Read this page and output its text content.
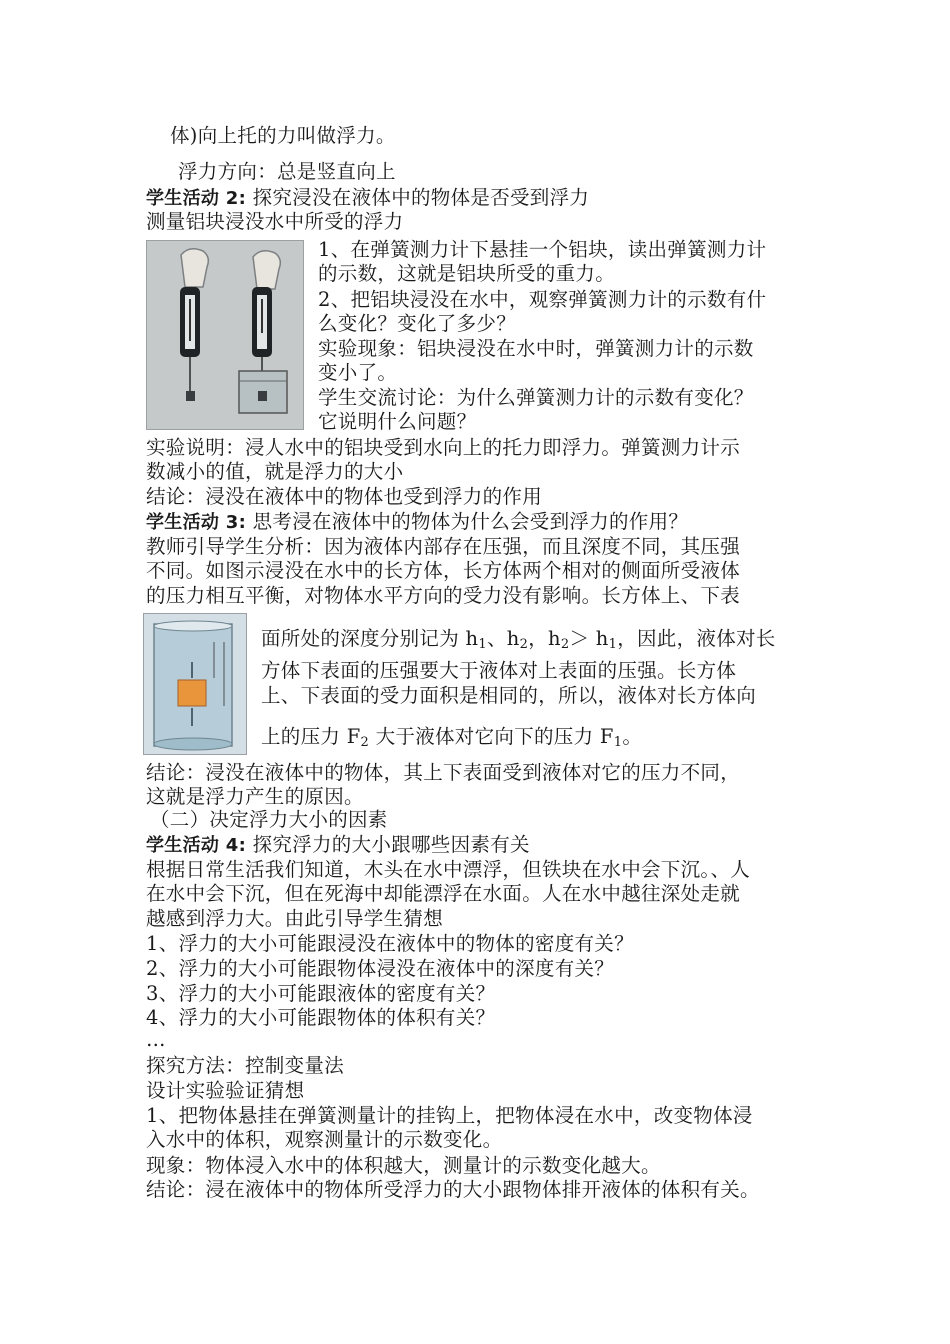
体)向上托的力叫做浮力。
浮力方向：总是竖直向上
学生活动 2: 探究浸没在液体中的物体是否受到浮力
测量铝块浸没水中所受的浮力
1、在弹簧测力计下悬挂一个铝块，读出弹簧测力计
的示数，这就是铝块所受的重力。
2、把铝块浸没在水中，观察弹簧测力计的示数有什
么变化？变化了多少？
实验现象：铝块浸没在水中时，弹簧测力计的示数
变小了。
学生交流讨论：为什么弹簧测力计的示数有变化？
它说明什么问题？
实验说明：浸人水中的铝块受到水向上的托力即浮力。弹簧测力计示
数减小的值，就是浮力的大小
结论：浸没在液体中的物体也受到浮力的作用
学生活动 3: 思考浸在液体中的物体为什么会受到浮力的作用？
教师引导学生分析：因为液体内部存在压强，而且深度不同，其压强
不同。如图示浸没在水中的长方体，长方体两个相对的侧面所受液体
的压力相互平衡，对物体水平方向的受力没有影响。长方体上、下表
面所处的深度分别记为 $h_1$、$h_2$，$h_2> h_1$，因此，液体对长
方体下表面的压强要大于液体对上表面的压强。长方体
上、下表面的受力面积是相同的，所以，液体对长方体向
上的压力 $F_2$ 大于液体对它向下的压力 $F_1$。
结论：浸没在液体中的物体，其上下表面受到液体对它的压力不同，
这就是浮力产生的原因。
（二）决定浮力大小的因素
学生活动 4: 探究浮力的大小跟哪些因素有关
根据日常生活我们知道，木头在水中漂浮，但铁块在水中会下沉。、人
在水中会下沉，但在死海中却能漂浮在水面。人在水中越往深处走就
越感到浮力大。由此引导学生猜想
1、浮力的大小可能跟浸没在液体中的物体的密度有关？
2、浮力的大小可能跟物体浸没在液体中的深度有关？
3、浮力的大小可能跟液体的密度有关？
4、浮力的大小可能跟物体的体积有关？
…
探究方法：控制变量法
设计实验验证猜想
1、把物体悬挂在弹簧测量计的挂钩上，把物体浸在水中，改变物体浸
入水中的体积，观察测量计的示数变化。
现象：物体浸入水中的体积越大，测量计的示数变化越大。
结论：浸在液体中的物体所受浮力的大小跟物体排开液体的体积有关。
